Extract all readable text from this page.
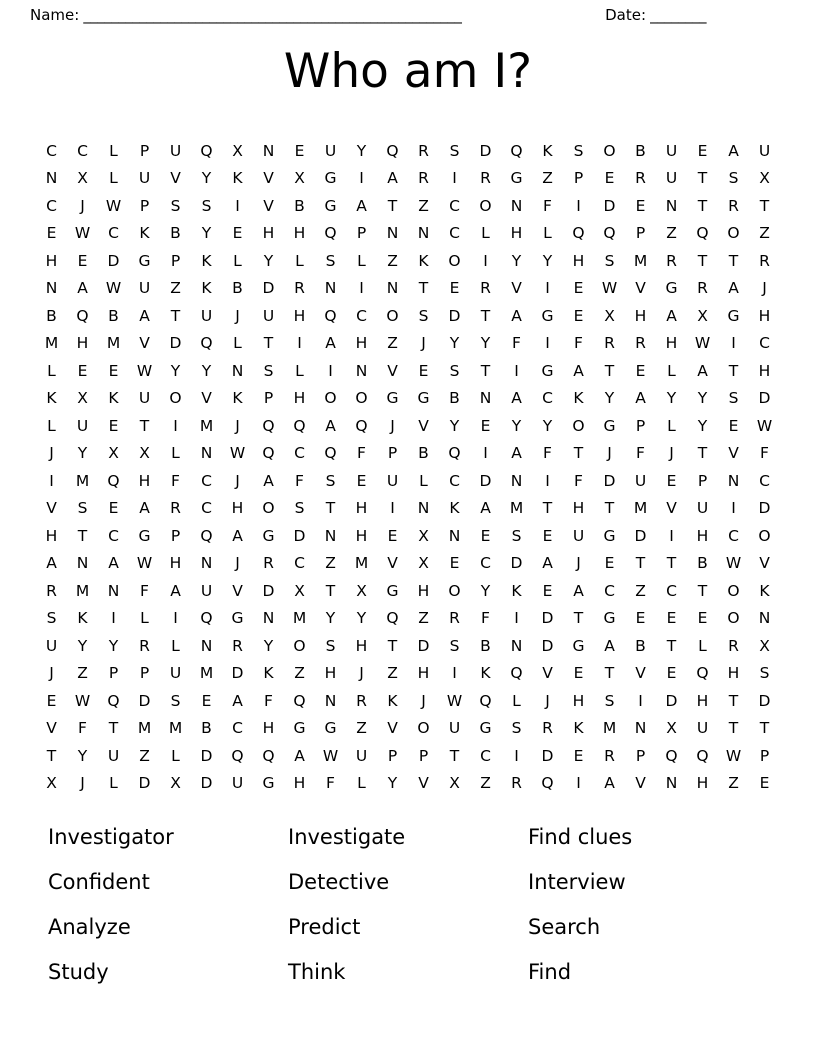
Name: ______________________________________________________	Date: ________
Who am I?
C	C	L	P	U	Q	X	N	E	U	Y	Q	R	S	D	Q	K	S	O	B	U	E	A	U
N	X	L	U	V	Y	K	V	X	G	I	A	R	I	R	G	Z	P	E	R	U	T	S	X
C	J	W	P	S	S	I	V	B	G	A	T	Z	C	O	N	F	I	D	E	N	T	R	T
E	W	C	K	B	Y	E	H	H	Q	P	N	N	C	L	H	L	Q	Q	P	Z	Q	O	Z
H	E	D	G	P	K	L	Y	L	S	L	Z	K	O	I	Y	Y	H	S	M	R	T	T	R
N	A	W	U	Z	K	B	D	R	N	I	N	T	E	R	V	I	E	W	V	G	R	A	J
B	Q	B	A	T	U	J	U	H	Q	C	O	S	D	T	A	G	E	X	H	A	X	G	H
M	H	M	V	D	Q	L	T	I	A	H	Z	J	Y	Y	F	I	F	R	R	H	W	I	C
L	E	E	W	Y	Y	N	S	L	I	N	V	E	S	T	I	G	A	T	E	L	A	T	H
K	X	K	U	O	V	K	P	H	O	O	G	G	B	N	A	C	K	Y	A	Y	Y	S	D
L	U	E	T	I	M	J	Q	Q	A	Q	J	V	Y	E	Y	Y	O	G	P	L	Y	E	W
J	Y	X	X	L	N	W	Q	C	Q	F	P	B	Q	I	A	F	T	J	F	J	T	V	F
I	M	Q	H	F	C	J	A	F	S	E	U	L	C	D	N	I	F	D	U	E	P	N	C
V	S	E	A	R	C	H	O	S	T	H	I	N	K	A	M	T	H	T	M	V	U	I	D
H	T	C	G	P	Q	A	G	D	N	H	E	X	N	E	S	E	U	G	D	I	H	C	O
A	N	A	W	H	N	J	R	C	Z	M	V	X	E	C	D	A	J	E	T	T	B	W	V
R	M	N	F	A	U	V	D	X	T	X	G	H	O	Y	K	E	A	C	Z	C	T	O	K
S	K	I	L	I	Q	G	N	M	Y	Y	Q	Z	R	F	I	D	T	G	E	E	E	O	N
U	Y	Y	R	L	N	R	Y	O	S	H	T	D	S	B	N	D	G	A	B	T	L	R	X
J	Z	P	P	U	M	D	K	Z	H	J	Z	H	I	K	Q	V	E	T	V	E	Q	H	S
E	W	Q	D	S	E	A	F	Q	N	R	K	J	W	Q	L	J	H	S	I	D	H	T	D
V	F	T	M	M	B	C	H	G	G	Z	V	O	U	G	S	R	K	M	N	X	U	T	T
T	Y	U	Z	L	D	Q	Q	A	W	U	P	P	T	C	I	D	E	R	P	Q	Q	W	P
X	J	L	D	X	D	U	G	H	F	L	Y	V	X	Z	R	Q	I	A	V	N	H	Z	E
Investigator	Investigate	Find clues
Confident	Detective	Interview
Analyze	Predict	Search
Study	Think	Find
